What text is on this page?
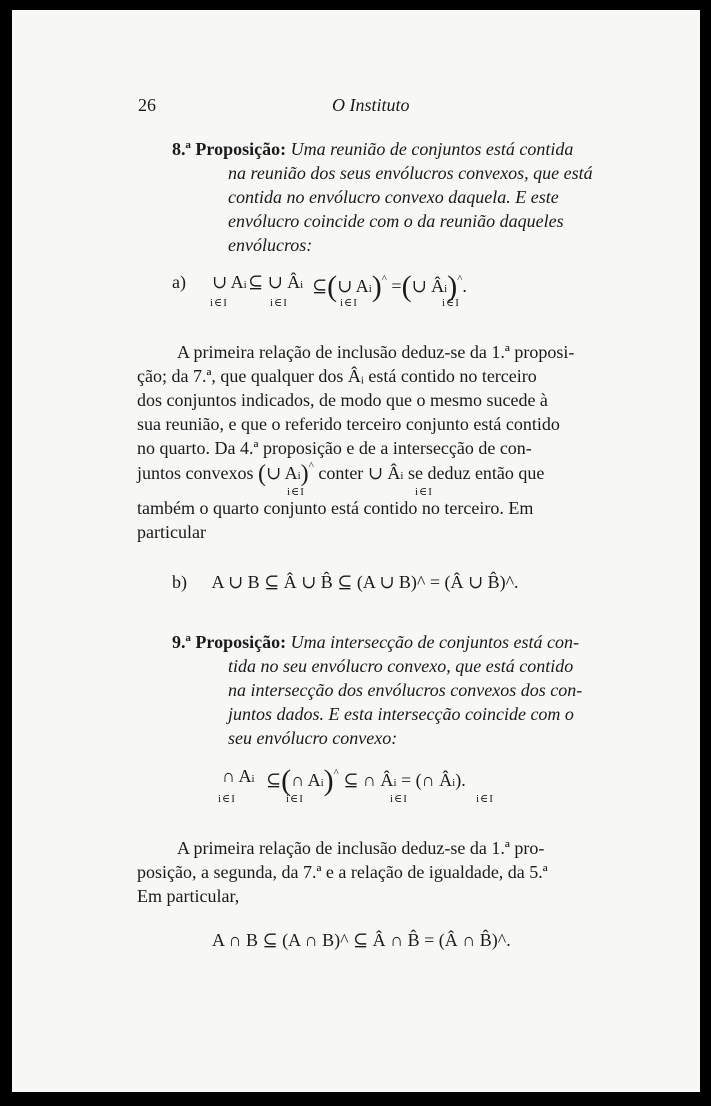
26	O Instituto
8.ª Proposição: Uma reunião de conjuntos está contida
na reunião dos seus envólucros convexos, que está
contida no envólucro convexo daquela. E este
envólucro coincide com o da reunião daqueles
envólucros:
a) ∪ Ai
i∈I
⊆ ∪ Âi
i∈I
⊆(∪ Ai)^ =(∪ Âi)^.
i∈I	i∈I
A primeira relação de inclusão deduz-se da 1.ª proposi-
ção; da 7.ª, que qualquer dos Âᵢ está contido no terceiro
dos conjuntos indicados, de modo que o mesmo sucede à
sua reunião, e que o referido terceiro conjunto está contido
no quarto. Da 4.ª proposição e de a intersecção de con-
juntos convexos (∪ Ai)^ conter ∪ Âi se deduz então que
i∈I	i∈I
também o quarto conjunto está contido no terceiro. Em
particular
b) A ∪ B ⊆ Â ∪ B̂ ⊆ (A ∪ B)^ = (Â ∪ B̂)^.
9.ª Proposição: Uma intersecção de conjuntos está con-
tida no seu envólucro convexo, que está contido
na intersecção dos envólucros convexos dos con-
juntos dados. E esta intersecção coincide com o
seu envólucro convexo:
∩ Ai
i∈I
⊆(∩ Ai)^ ⊆ ∩ Âi = (∩ Âi).
i∈I	i∈I	i∈I
A primeira relação de inclusão deduz-se da 1.ª pro-
posição, a segunda, da 7.ª e a relação de igualdade, da 5.ª
Em particular,
A ∩ B ⊆ (A ∩ B)^ ⊆ Â ∩ B̂ = (Â ∩ B̂)^.
